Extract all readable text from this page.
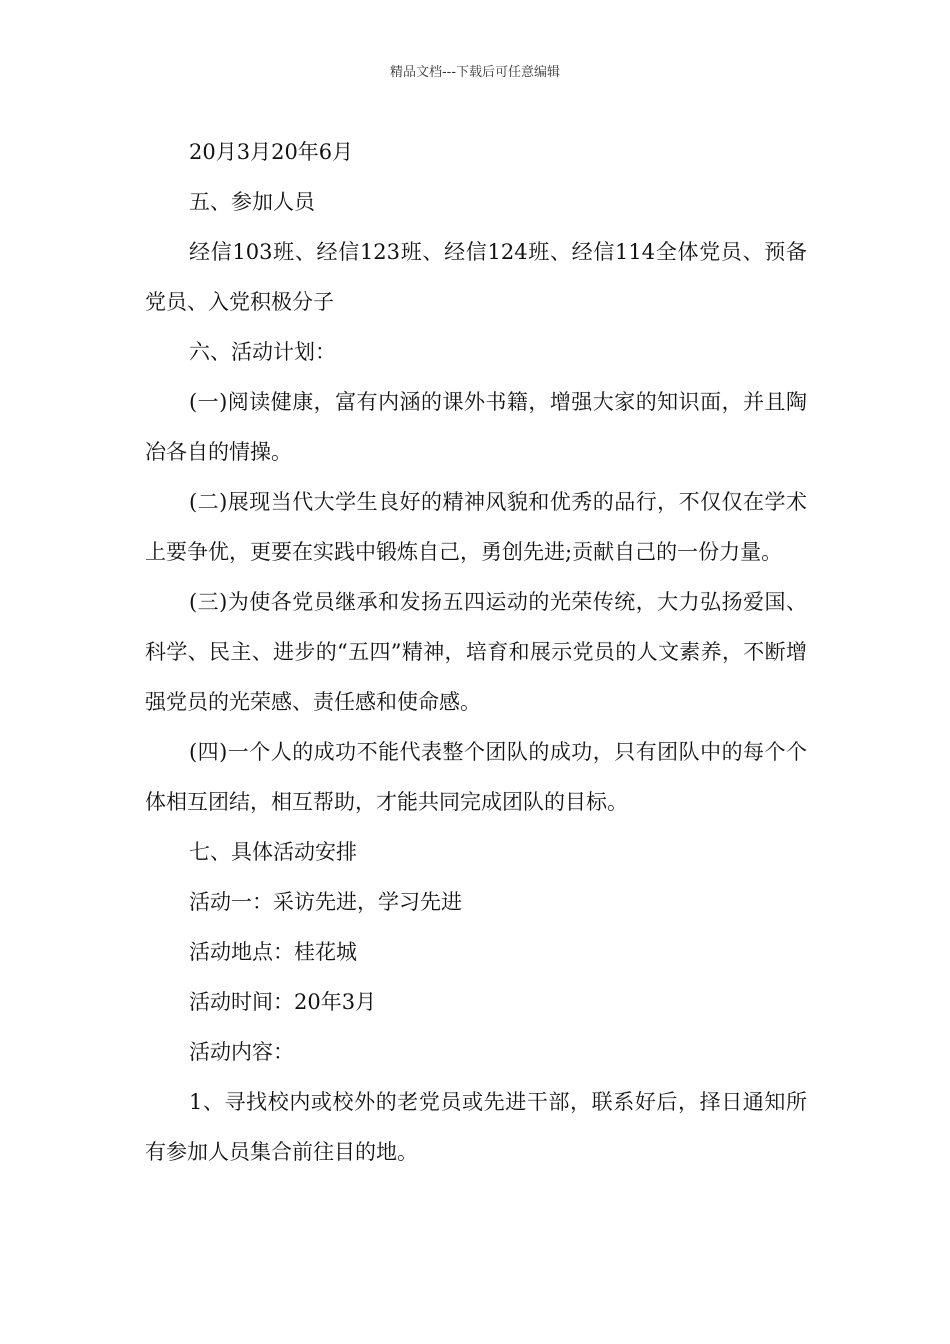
精品文档---下载后可任意编辑

20月3月20年6月

五、参加人员

经信103班、经信123班、经信124班、经信114全体党员、预备党员、入党积极分子

六、活动计划：

(一)阅读健康，富有内涵的课外书籍，增强大家的知识面，并且陶冶各自的情操。

(二)展现当代大学生良好的精神风貌和优秀的品行，不仅仅在学术上要争优，更要在实践中锻炼自己，勇创先进;贡献自己的一份力量。

(三)为使各党员继承和发扬五四运动的光荣传统，大力弘扬爱国、科学、民主、进步的“五四”精神，培育和展示党员的人文素养，不断增强党员的光荣感、责任感和使命感。

(四)一个人的成功不能代表整个团队的成功，只有团队中的每个个体相互团结，相互帮助，才能共同完成团队的目标。

七、具体活动安排

活动一：采访先进，学习先进

活动地点：桂花城

活动时间：20年3月

活动内容：

1、寻找校内或校外的老党员或先进干部，联系好后，择日通知所有参加人员集合前往目的地。
